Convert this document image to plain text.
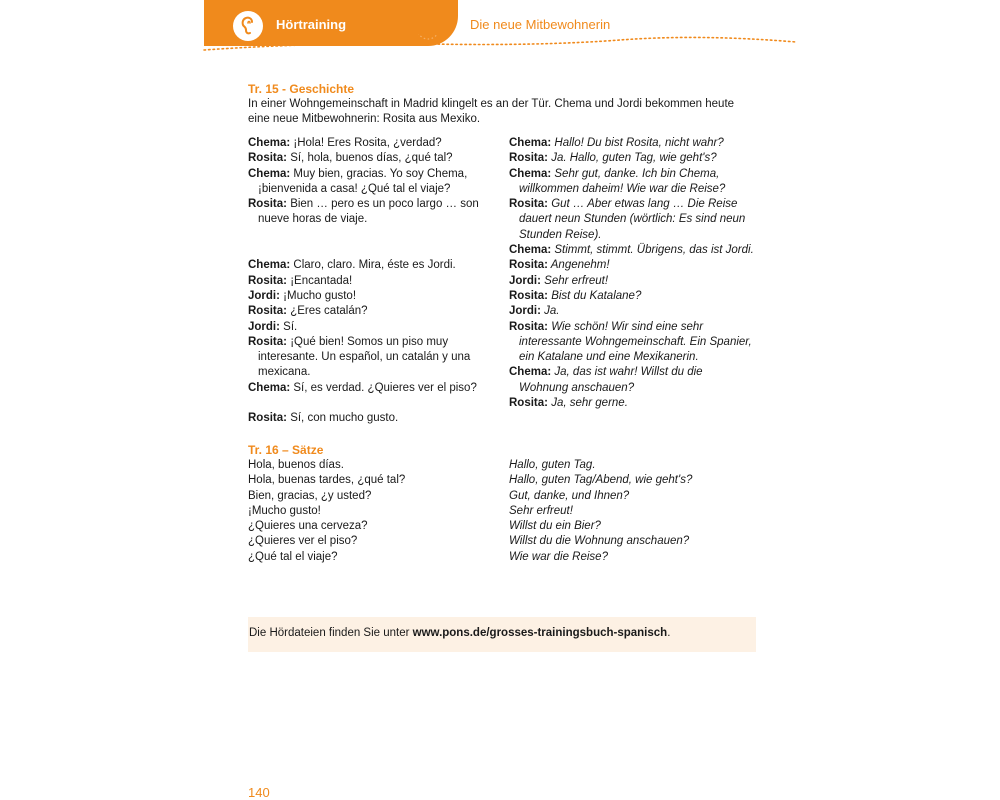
Hörtraining	Die neue Mitbewohnerin
Tr. 15 - Geschichte
In einer Wohngemeinschaft in Madrid klingelt es an der Tür. Chema und Jordi bekommen heute eine neue Mitbewohnerin: Rosita aus Mexiko.
Chema: ¡Hola! Eres Rosita, ¿verdad?
Rosita: Sí, hola, buenos días, ¿qué tal?
Chema: Muy bien, gracias. Yo soy Chema, ¡bienvenida a casa! ¿Qué tal el viaje?
Rosita: Bien … pero es un poco largo … son nueve horas de viaje.
Chema: Claro, claro. Mira, éste es Jordi.
Rosita: ¡Encantada!
Jordi: ¡Mucho gusto!
Rosita: ¿Eres catalán?
Jordi: Sí.
Rosita: ¡Qué bien! Somos un piso muy interesante. Un español, un catalán y una mexicana.
Chema: Sí, es verdad. ¿Quieres ver el piso?
Rosita: Sí, con mucho gusto.
Chema: Hallo! Du bist Rosita, nicht wahr?
Rosita: Ja. Hallo, guten Tag, wie geht's?
Chema: Sehr gut, danke. Ich bin Chema, willkommen daheim! Wie war die Reise?
Rosita: Gut … Aber etwas lang … Die Reise dauert neun Stunden (wörtlich: Es sind neun Stunden Reise).
Chema: Stimmt, stimmt. Übrigens, das ist Jordi.
Rosita: Angenehm!
Jordi: Sehr erfreut!
Rosita: Bist du Katalane?
Jordi: Ja.
Rosita: Wie schön! Wir sind eine sehr interessante Wohngemeinschaft. Ein Spanier, ein Katalane und eine Mexikanerin.
Chema: Ja, das ist wahr! Willst du die Wohnung anschauen?
Rosita: Ja, sehr gerne.
Tr. 16 – Sätze
Hola, buenos días.
Hola, buenas tardes, ¿qué tal?
Bien, gracias, ¿y usted?
¡Mucho gusto!
¿Quieres una cerveza?
¿Quieres ver el piso?
¿Qué tal el viaje?
Hallo, guten Tag.
Hallo, guten Tag/Abend, wie geht's?
Gut, danke, und Ihnen?
Sehr erfreut!
Willst du ein Bier?
Willst du die Wohnung anschauen?
Wie war die Reise?
Die Hördateien finden Sie unter www.pons.de/grosses-trainingsbuch-spanisch.
140
